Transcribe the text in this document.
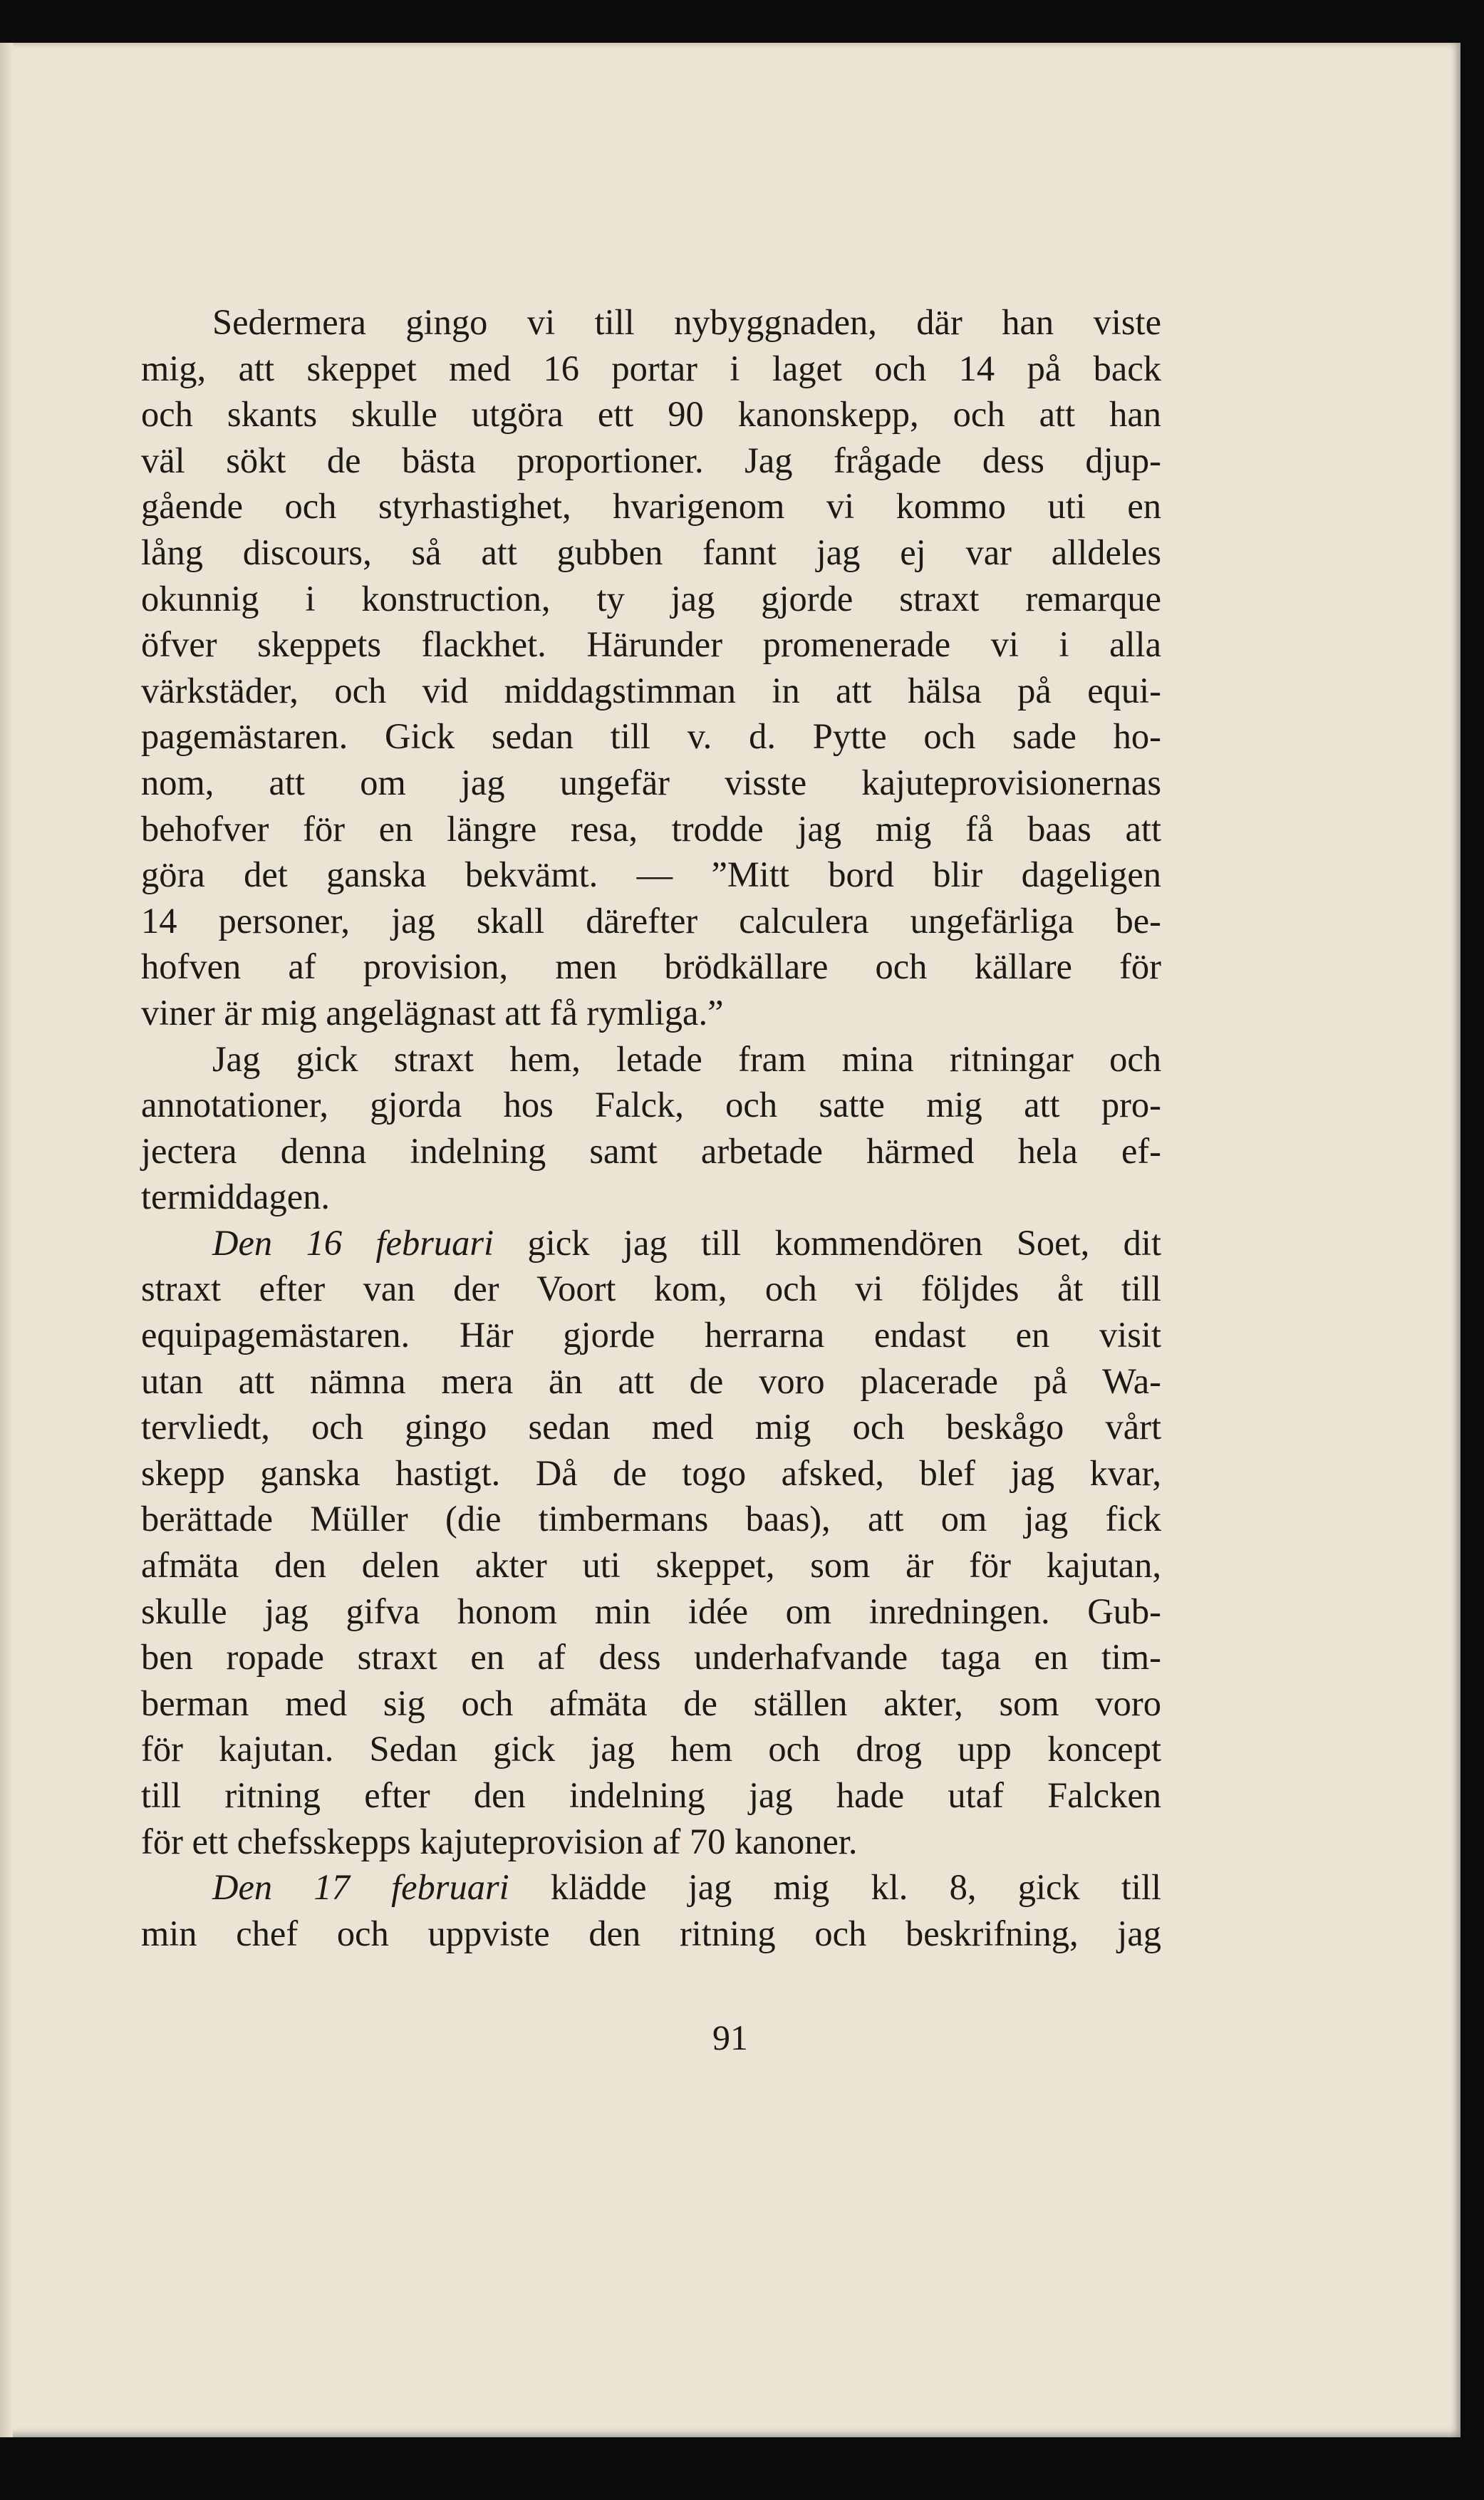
Sedermera gingo vi till nybyggnaden, där han viste
mig, att skeppet med 16 portar i laget och 14 på back
och skants skulle utgöra ett 90 kanonskepp, och att han
väl sökt de bästa proportioner. Jag frågade dess djup-
gående och styrhastighet, hvarigenom vi kommo uti en
lång discours, så att gubben fannt jag ej var alldeles
okunnig i konstruction, ty jag gjorde straxt remarque
öfver skeppets flackhet. Härunder promenerade vi i alla
värkstäder, och vid middagstimman in att hälsa på equi-
pagemästaren. Gick sedan till v. d. Pytte och sade ho-
nom, att om jag ungefär visste kajuteprovisionernas
behofver för en längre resa, trodde jag mig få baas att
göra det ganska bekvämt. — ”Mitt bord blir dageligen
14 personer, jag skall därefter calculera ungefärliga be-
hofven af provision, men brödkällare och källare för
viner är mig angelägnast att få rymliga.”
Jag gick straxt hem, letade fram mina ritningar och
annotationer, gjorda hos Falck, och satte mig att pro-
jectera denna indelning samt arbetade härmed hela ef-
termiddagen.
Den 16 februari gick jag till kommendören Soet, dit
straxt efter van der Voort kom, och vi följdes åt till
equipagemästaren. Här gjorde herrarna endast en visit
utan att nämna mera än att de voro placerade på Wa-
tervliedt, och gingo sedan med mig och beskågo vårt
skepp ganska hastigt. Då de togo afsked, blef jag kvar,
berättade Müller (die timbermans baas), att om jag fick
afmäta den delen akter uti skeppet, som är för kajutan,
skulle jag gifva honom min idée om inredningen. Gub-
ben ropade straxt en af dess underhafvande taga en tim-
berman med sig och afmäta de ställen akter, som voro
för kajutan. Sedan gick jag hem och drog upp koncept
till ritning efter den indelning jag hade utaf Falcken
för ett chefsskepps kajuteprovision af 70 kanoner.
Den 17 februari klädde jag mig kl. 8, gick till
min chef och uppviste den ritning och beskrifning, jag
91
